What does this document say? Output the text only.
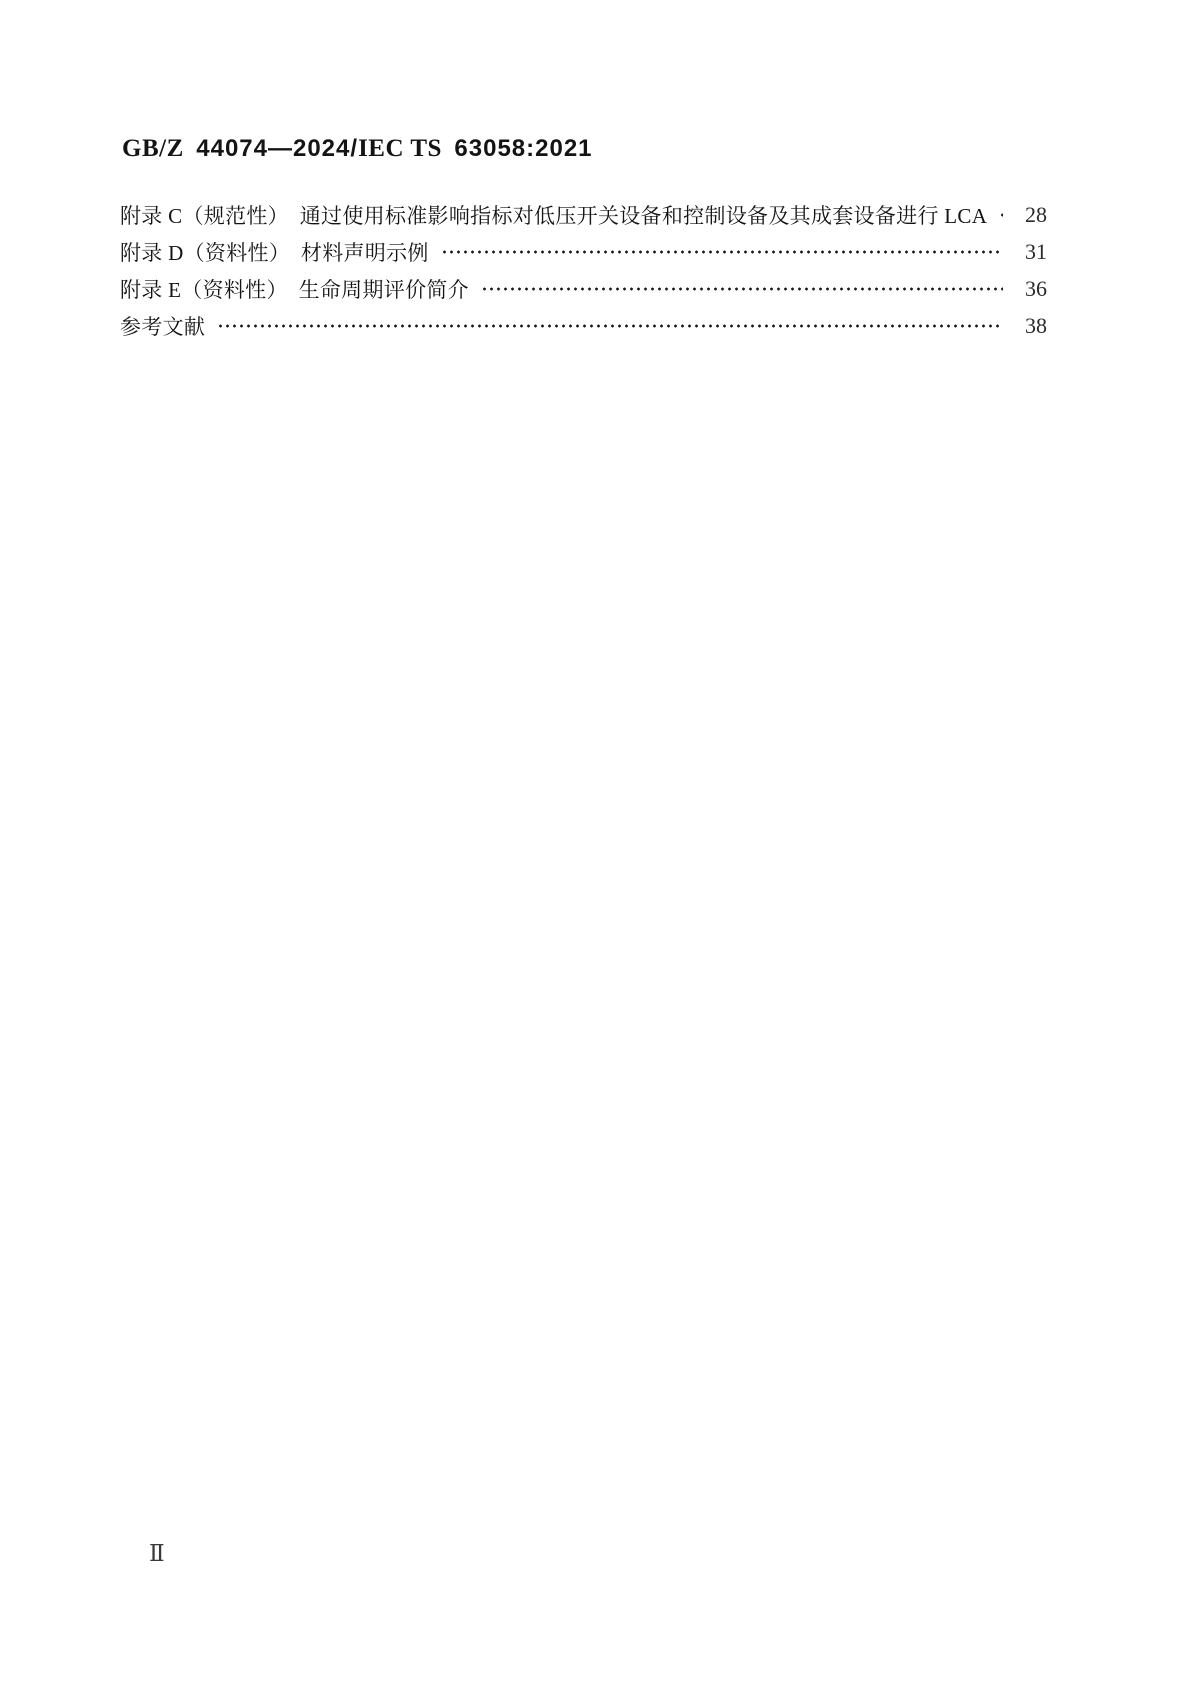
GB/Z 44074—2024/IEC TS 63058:2021
附录 C（规范性）　通过使用标准影响指标对低压开关设备和控制设备及其成套设备进行 LCA	28
附录 D（资料性）　材料声明示例	31
附录 E（资料性）　生命周期评价简介	36
参考文献	38
Ⅱ
